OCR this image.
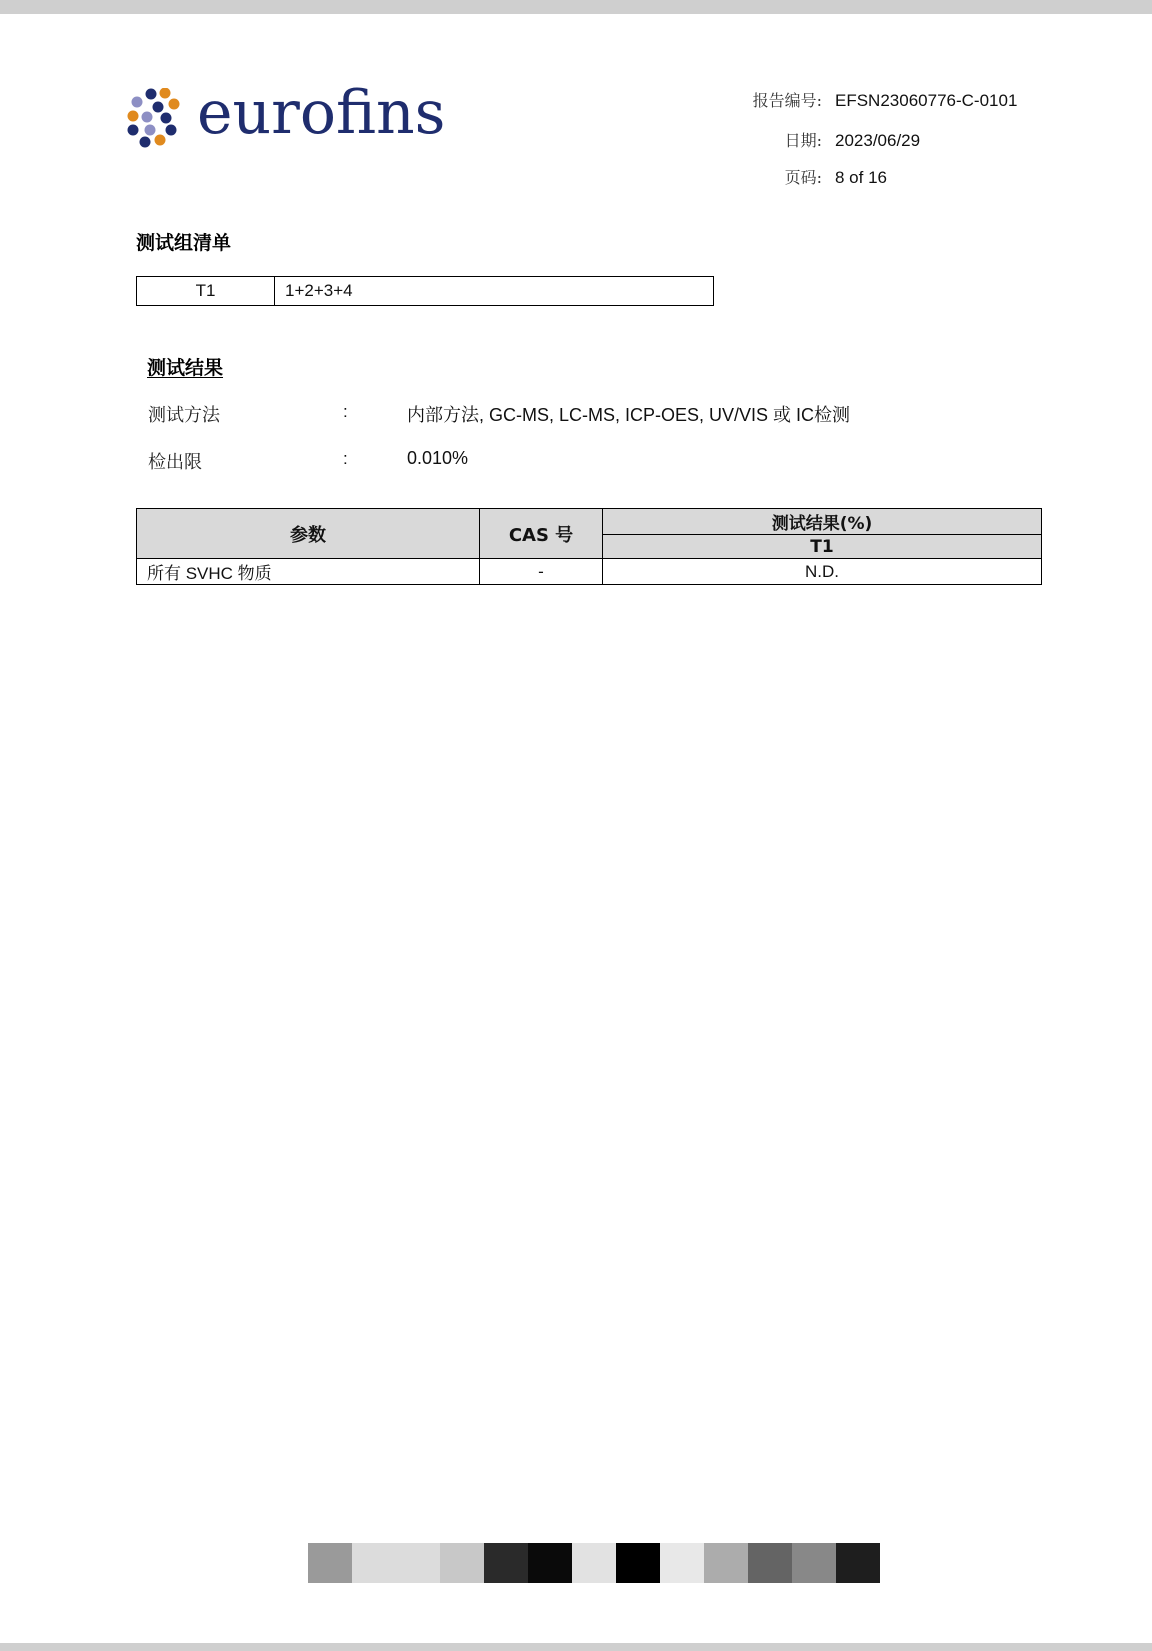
eurofins	报告编号: EFSN23060776-C-0101
日期: 2023/06/29
页码: 8 of 16
测试组清单
T1	1+2+3+4
测试结果
测试方法	:	内部方法, GC-MS, LC-MS, ICP-OES, UV/VIS 或 IC检测
检出限	:	0.010%
参数	CAS 号	测试结果(%)
		T1
所有 SVHC 物质	-	N.D.
